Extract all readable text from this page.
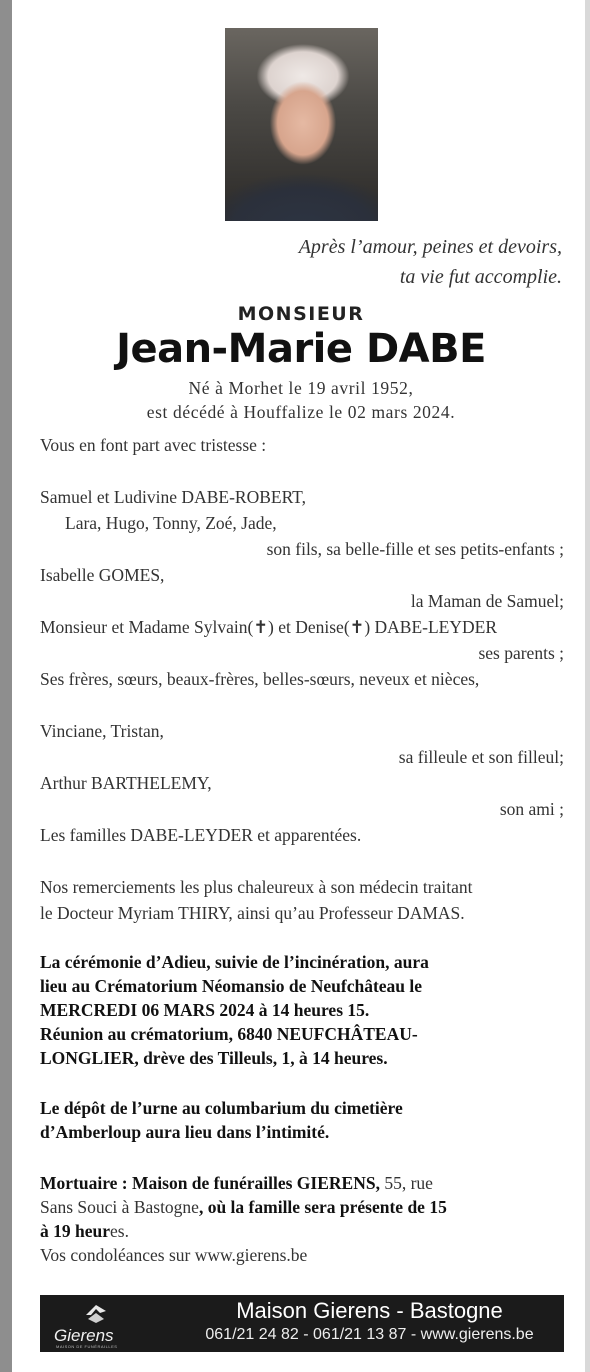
Après l’amour, peines et devoirs,
ta vie fut accomplie.
MONSIEUR
Jean-Marie DABE
Né à Morhet le 19 avril 1952,
est décédé à Houffalize le 02 mars 2024.
Vous en font part avec tristesse :
Samuel et Ludivine DABE-ROBERT,
Lara, Hugo, Tonny, Zoé, Jade,
son fils, sa belle-fille et ses petits-enfants ;
Isabelle GOMES,
la Maman de Samuel;
Monsieur et Madame Sylvain(✝) et Denise(✝) DABE-LEYDER
ses parents ;
Ses frères, sœurs, beaux-frères, belles-sœurs, neveux et nièces,
Vinciane, Tristan,
sa filleule et son filleul;
Arthur BARTHELEMY,
son ami ;
Les familles DABE-LEYDER et apparentées.
Nos remerciements les plus chaleureux à son médecin traitant
le Docteur Myriam THIRY, ainsi qu’au Professeur DAMAS.
La cérémonie d’Adieu, suivie de l’incinération, aura
lieu au Crématorium Néomansio de Neufchâteau le
MERCREDI 06 MARS 2024 à 14 heures 15.
Réunion au crématorium, 6840 NEUFCHÂTEAU-
LONGLIER, drève des Tilleuls, 1, à 14 heures.
Le dépôt de l’urne au columbarium du cimetière
d’Amberloup aura lieu dans l’intimité.
Mortuaire : Maison de funérailles GIERENS, 55, rue
Sans Souci à Bastogne, où la famille sera présente de 15
à 19 heures.
Vos condoléances sur www.gierens.be
Gierens
MAISON DE FUNÉRAILLES
Maison Gierens - Bastogne
061/21 24 82 - 061/21 13 87 - www.gierens.be
